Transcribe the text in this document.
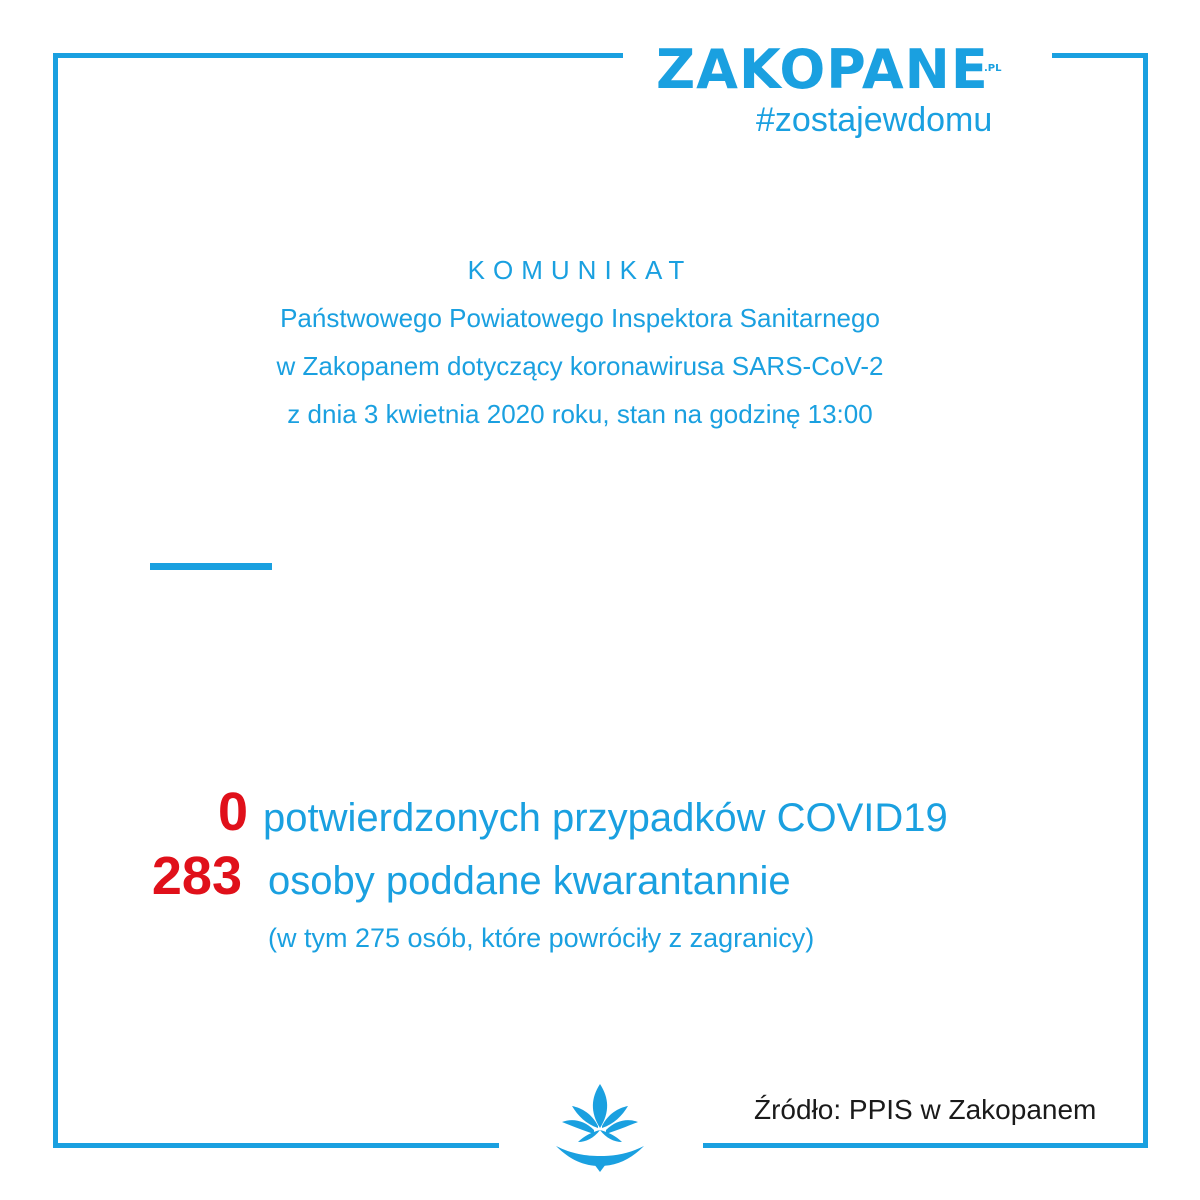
ZAKOPANE
.PL
#zostajewdomu
KOMUNIKAT
Państwowego Powiatowego Inspektora Sanitarnego
w Zakopanem dotyczący koronawirusa SARS-CoV-2
z dnia 3 kwietnia 2020 roku, stan na godzinę 13:00
0 potwierdzonych przypadków COVID19
283 osoby poddane kwarantannie
(w tym 275 osób, które powróciły z zagranicy)
Źródło: PPIS w Zakopanem
